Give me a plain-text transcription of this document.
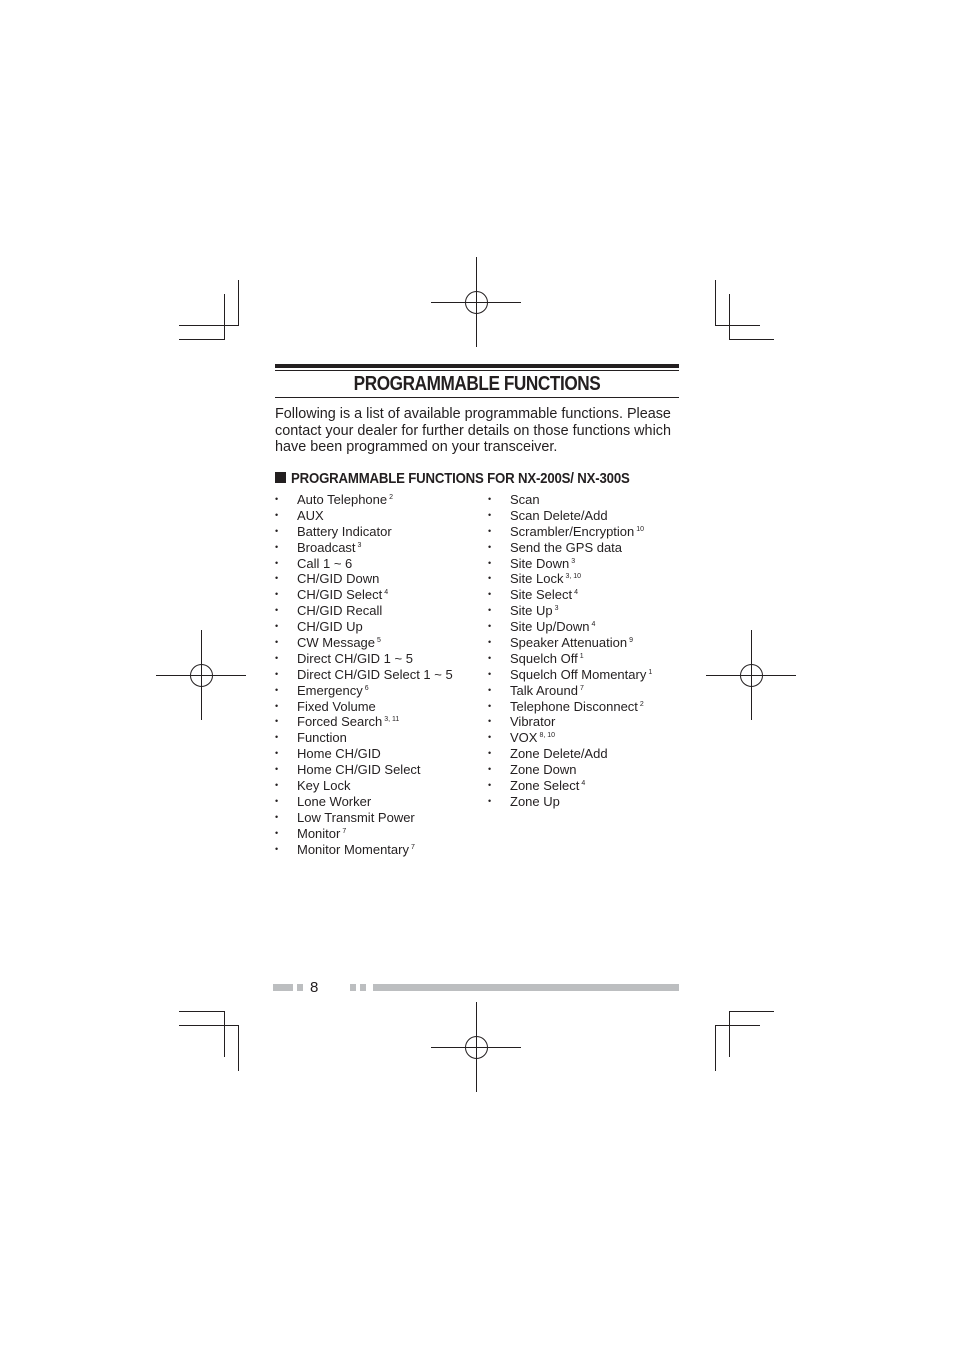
PROGRAMMABLE FUNCTIONS

Following is a list of available programmable functions. Please contact your dealer for further details on those functions which have been programmed on your transceiver.

PROGRAMMABLE FUNCTIONS FOR NX-200S/ NX-300S
• Auto Telephone $^2$
• AUX
• Battery Indicator
• Broadcast $^3$
• Call 1 ~ 6
• CH/GID Down
• CH/GID Select $^4$
• CH/GID Recall
• CH/GID Up
• CW Message $^5$
• Direct CH/GID 1 ~ 5
• Direct CH/GID Select 1 ~ 5
• Emergency $^6$
• Fixed Volume
• Forced Search $^{3, 11}$
• Function
• Home CH/GID
• Home CH/GID Select
• Key Lock
• Lone Worker
• Low Transmit Power
• Monitor $^7$
• Monitor Momentary $^7$
• Scan
• Scan Delete/Add
• Scrambler/Encryption $^{10}$
• Send the GPS data
• Site Down $^3$
• Site Lock $^{3, 10}$
• Site Select $^4$
• Site Up $^3$
• Site Up/Down $^4$
• Speaker Attenuation $^9$
• Squelch Off $^1$
• Squelch Off Momentary $^1$
• Talk Around $^7$
• Telephone Disconnect $^2$
• Vibrator
• VOX $^{8, 10}$
• Zone Delete/Add
• Zone Down
• Zone Select $^4$
• Zone Up
8
